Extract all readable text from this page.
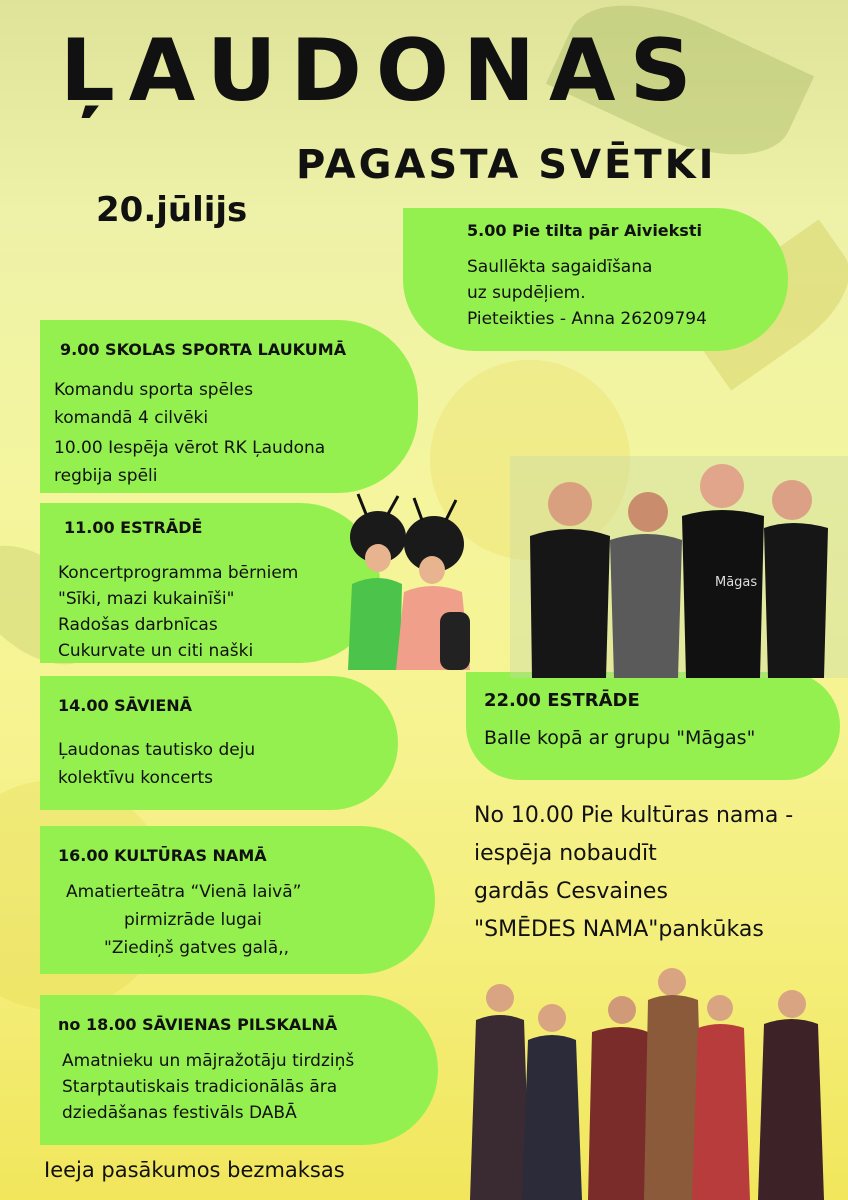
ĻAUDONAS
PAGASTA SVĒTKI
20.jūlijs
5.00 Pie tilta pār Aivieksti
Saullēkta sagaidīšana
uz supdēļiem.
Pieteikties - Anna 26209794
9.00 SKOLAS SPORTA LAUKUMĀ
Komandu sporta spēles
komandā 4 cilvēki
10.00 Iespēja vērot RK Ļaudona
regbija spēli
11.00 ESTRĀDĒ
Koncertprogramma bērniem
"Sīki, mazi kukainīši"
Radošas darbnīcas
Cukurvate un citi naški
14.00 SĀVIENĀ
Ļaudonas tautisko deju
kolektīvu koncerts
16.00 KULTŪRAS NAMĀ
Amatierteātra “Vienā laivā”
pirmizrāde lugai
"Ziediņš gatves galā,,
no 18.00 SĀVIENAS PILSKALNĀ
Amatnieku un mājražotāju tirdziņš
Starptautiskais tradicionālās āra
dziedāšanas festivāls DABĀ
22.00 ESTRĀDE
Balle kopā ar grupu "Māgas"
No 10.00 Pie kultūras nama -
iespēja nobaudīt
gardās Cesvaines
"SMĒDES NAMA"pankūkas
Māgas
Ieeja pasākumos bezmaksas
